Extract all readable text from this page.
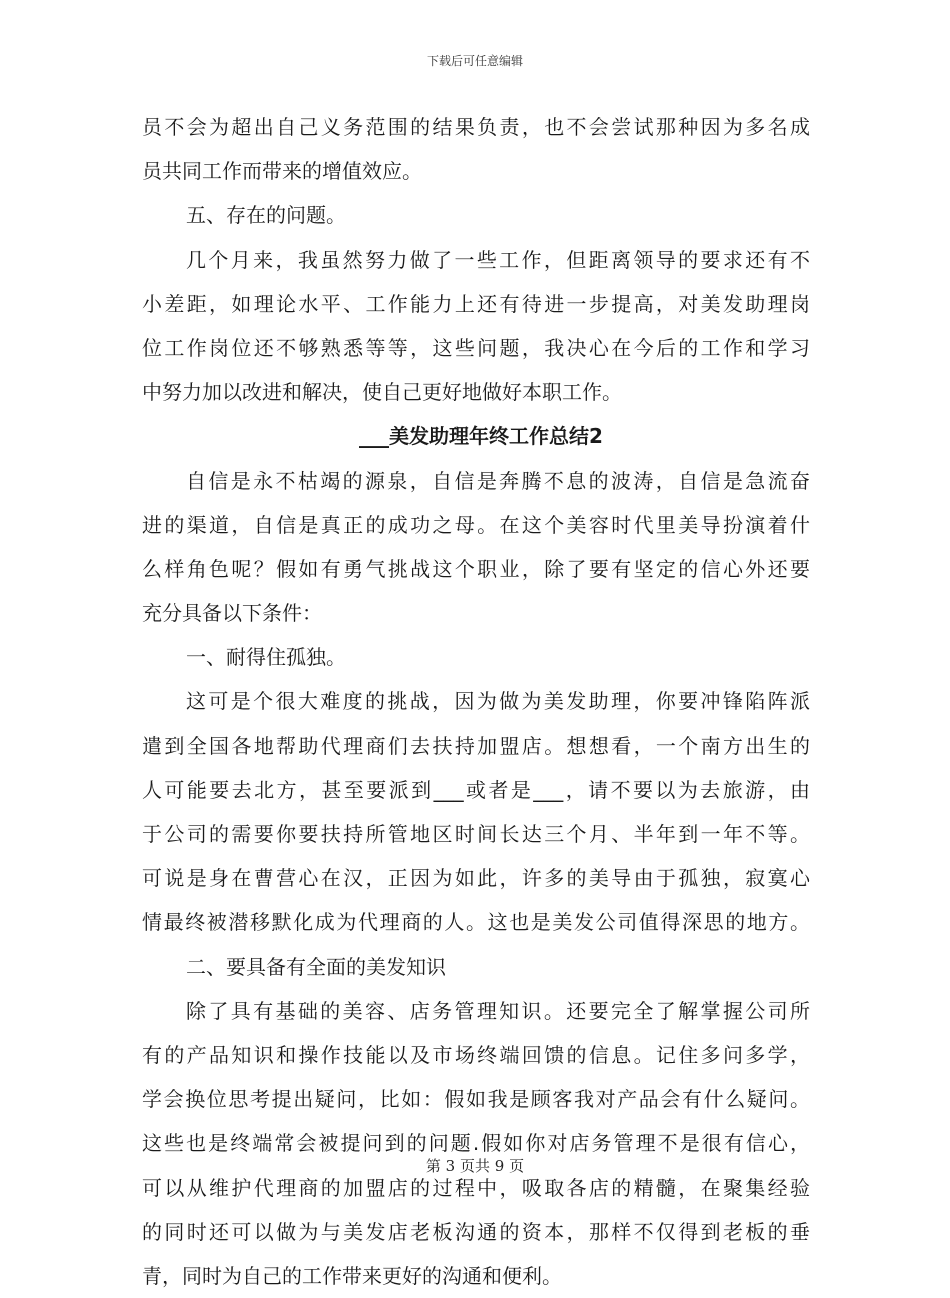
下载后可任意编辑
员不会为超出自己义务范围的结果负责，也不会尝试那种因为多名成
员共同工作而带来的增值效应。
五、存在的问题。
几个月来，我虽然努力做了一些工作，但距离领导的要求还有不
小差距，如理论水平、工作能力上还有待进一步提高，对美发助理岗
位工作岗位还不够熟悉等等，这些问题，我决心在今后的工作和学习
中努力加以改进和解决，使自己更好地做好本职工作。
___美发助理年终工作总结2
自信是永不枯竭的源泉，自信是奔腾不息的波涛，自信是急流奋
进的渠道，自信是真正的成功之母。在这个美容时代里美导扮演着什
么样角色呢？假如有勇气挑战这个职业，除了要有坚定的信心外还要
充分具备以下条件：
一、耐得住孤独。
这可是个很大难度的挑战，因为做为美发助理，你要冲锋陷阵派
遣到全国各地帮助代理商们去扶持加盟店。想想看，一个南方出生的
人可能要去北方，甚至要派到___或者是___，请不要以为去旅游，由
于公司的需要你要扶持所管地区时间长达三个月、半年到一年不等。
可说是身在曹营心在汉，正因为如此，许多的美导由于孤独，寂寞心
情最终被潜移默化成为代理商的人。这也是美发公司值得深思的地方。
二、要具备有全面的美发知识
除了具有基础的美容、店务管理知识。还要完全了解掌握公司所
有的产品知识和操作技能以及市场终端回馈的信息。记住多问多学，
学会换位思考提出疑问，比如：假如我是顾客我对产品会有什么疑问。
这些也是终端常会被提问到的问题.假如你对店务管理不是很有信心，
可以从维护代理商的加盟店的过程中，吸取各店的精髓，在聚集经验
的同时还可以做为与美发店老板沟通的资本，那样不仅得到老板的垂
青，同时为自己的工作带来更好的沟通和便利。
第 3 页共 9 页
